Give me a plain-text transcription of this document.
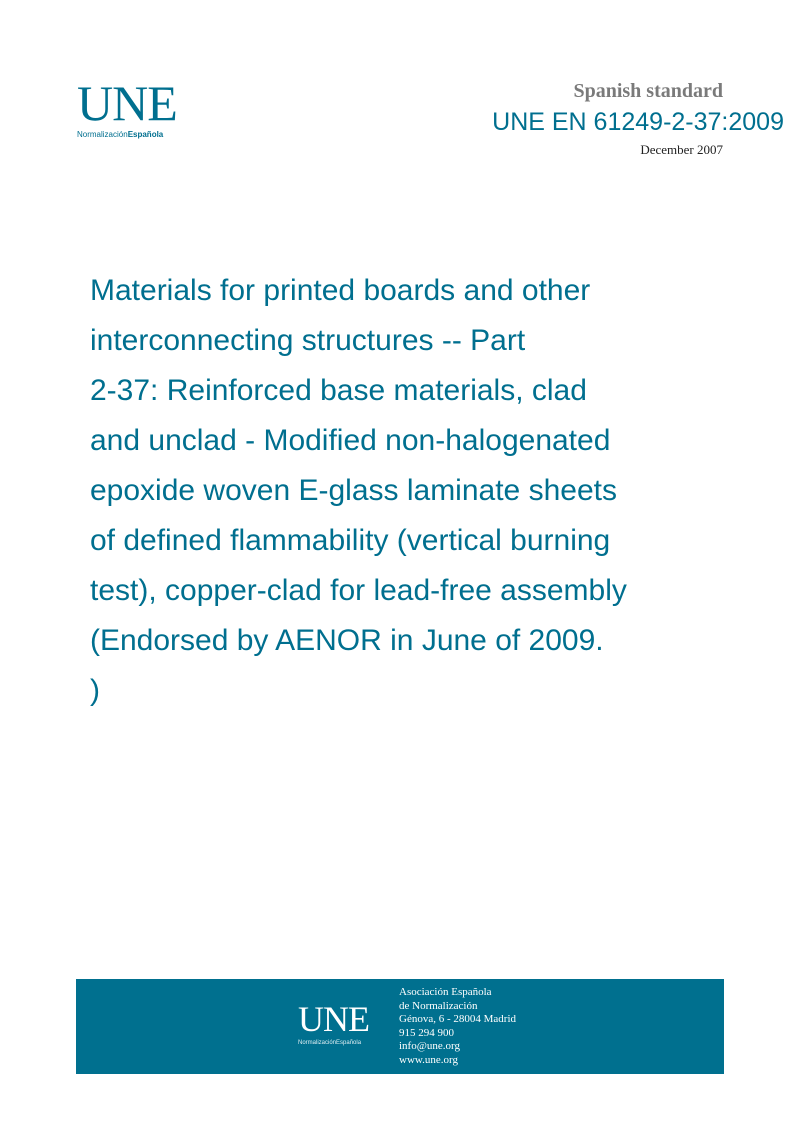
UNE
NormalizaciónEspañola
Spanish standard
UNE EN 61249-2-37:2009
December 2007
Materials for printed boards and other
interconnecting structures -- Part
2-37: Reinforced base materials, clad
and unclad - Modified non-halogenated
epoxide woven E-glass laminate sheets
of defined flammability (vertical burning
test), copper-clad for lead-free assembly
(Endorsed by AENOR in June of 2009.
)
UNE
NormalizaciónEspañola
Asociación Española
de Normalización
Génova, 6 - 28004 Madrid
915 294 900
info@une.org
www.une.org
